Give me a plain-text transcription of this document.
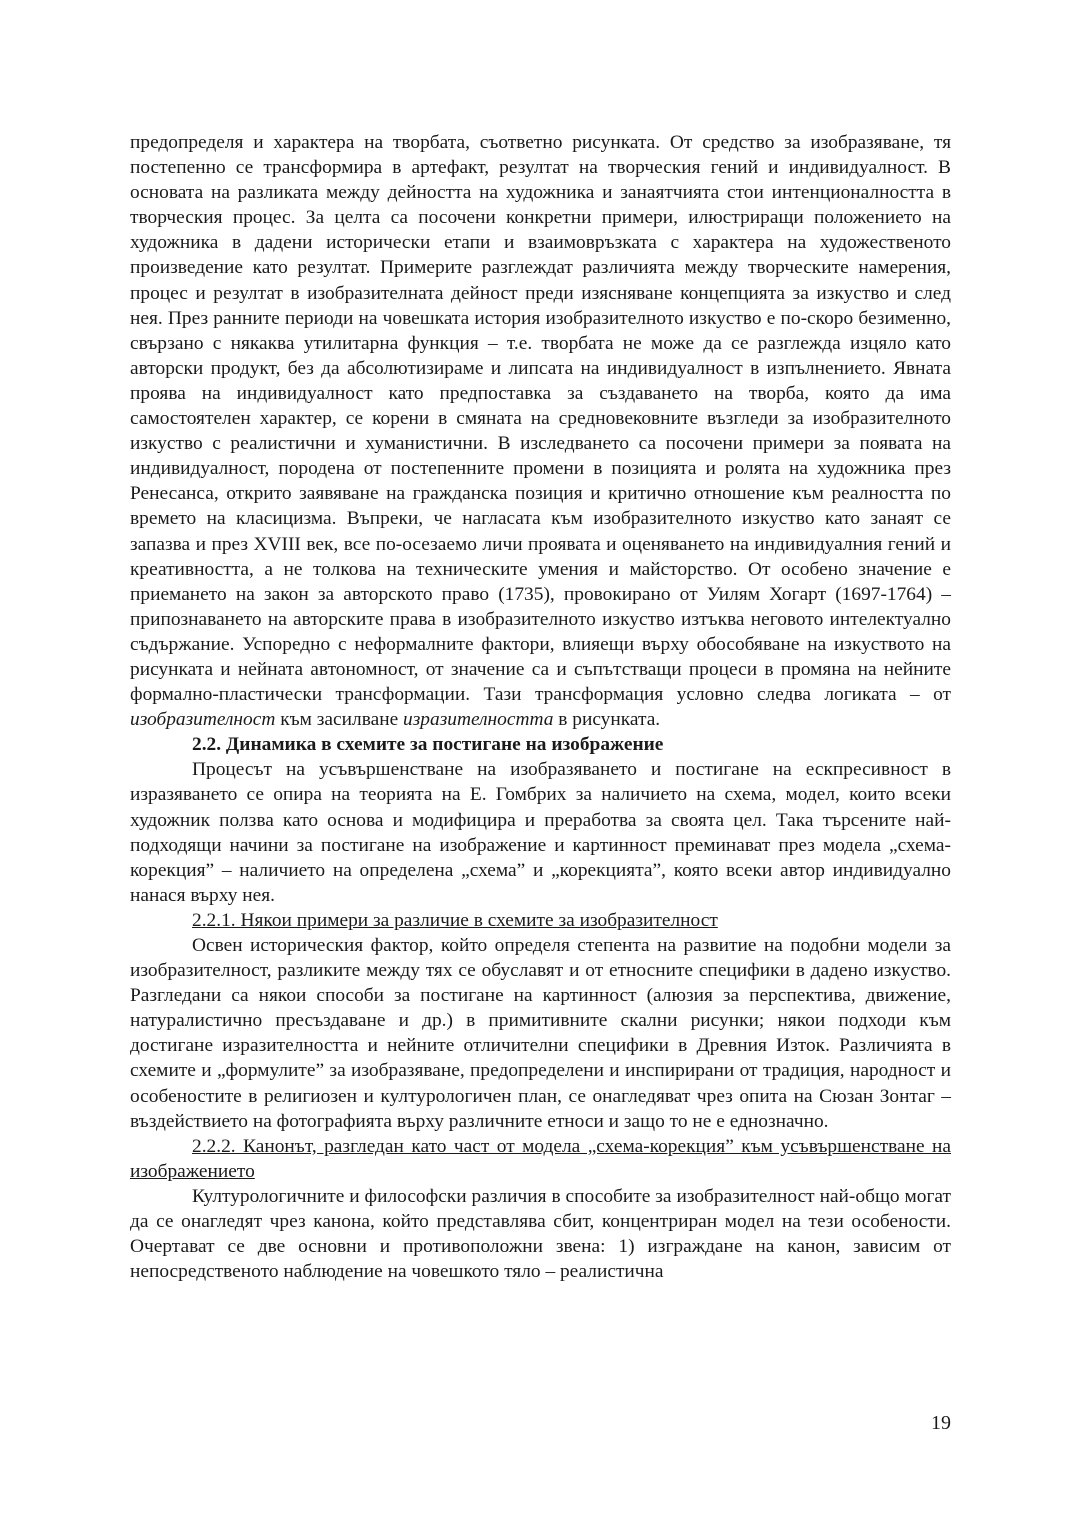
предопределя и характера на творбата, съответно рисунката. От средство за изобразяване, тя постепенно се трансформира в артефакт, резултат на творческия гений и индивидуалност. В основата на разликата между дейността на художника и занаятчията стои интенционалността в творческия процес. За целта са посочени конкретни примери, илюстриращи положението на художника в дадени исторически етапи и взаимовръзката с характера на художественото произведение като резултат. Примерите разглеждат различията между творческите намерения, процес и резултат в изобразителната дейност преди изясняване концепцията за изкуство и след нея. През ранните периоди на човешката история изобразителното изкуство е по-скоро безименно, свързано с някаква утилитарна функция – т.е. творбата не може да се разглежда изцяло като авторски продукт, без да абсолютизираме и липсата на индивидуалност в изпълнението. Явната проява на индивидуалност като предпоставка за създаването на творба, която да има самостоятелен характер, се корени в смяната на средновековните възгледи за изобразителното изкуство с реалистични и хуманистични. В изследването са посочени примери за появата на индивидуалност, породена от постепенните промени в позицията и ролята на художника през Ренесанса, открито заявяване на гражданска позиция и критично отношение към реалността по времето на класицизма. Въпреки, че нагласата към изобразителното изкуство като занаят се запазва и през XVIII век, все по-осезаемо личи проявата и оценяването на индивидуалния гений и креативността, а не толкова на техническите умения и майсторство. От особено значение е приемането на закон за авторското право (1735), провокирано от Уилям Хогарт (1697-1764) – припознаването на авторските права в изобразителното изкуство изтъква неговото интелектуално съдържание. Успоредно с неформалните фактори, влияещи върху обособяване на изкуството на рисунката и нейната автономност, от значение са и съпътстващи процеси в промяна на нейните формално-пластически трансформации. Тази трансформация условно следва логиката – от изобразителност към засилване изразителността в рисунката.

2.2. Динамика в схемите за постигане на изображение

Процесът на усъвършенстване на изобразяването и постигане на ескпресивност в изразяването се опира на теорията на Е. Гомбрих за наличието на схема, модел, които всеки художник ползва като основа и модифицира и преработва за своята цел. Така търсените най-подходящи начини за постигане на изображение и картинност преминават през модела „схема-корекция” – наличието на определена „схема” и „корекцията”, която всеки автор индивидуално нанася върху нея.

2.2.1. Някои примери за различие в схемите за изобразителност

Освен историческия фактор, който определя степента на развитие на подобни модели за изобразителност, разликите между тях се обуславят и от етносните специфики в дадено изкуство. Разгледани са някои способи за постигане на картинност (алюзия за перспектива, движение, натуралистично пресъздаване и др.) в примитивните скални рисунки; някои подходи към достигане изразителността и нейните отличителни специфики в Древния Изток. Различията в схемите и „формулите” за изобразяване, предопределени и инспирирани от традиция, народност и особеностите в религиозен и културологичен план, се онагледяват чрез опита на Сюзан Зонтаг – въздействието на фотографията върху различните етноси и защо то не е еднозначно.

2.2.2. Канонът, разгледан като част от модела „схема-корекция” към усъвършенстване на изображението

Културологичните и философски различия в способите за изобразителност най-общо могат да се онагледят чрез канона, който представлява сбит, концентриран модел на тези особености. Очертават се две основни и противоположни звена: 1) изграждане на канон, зависим от непосредственото наблюдение на човешкото тяло – реалистична

19
